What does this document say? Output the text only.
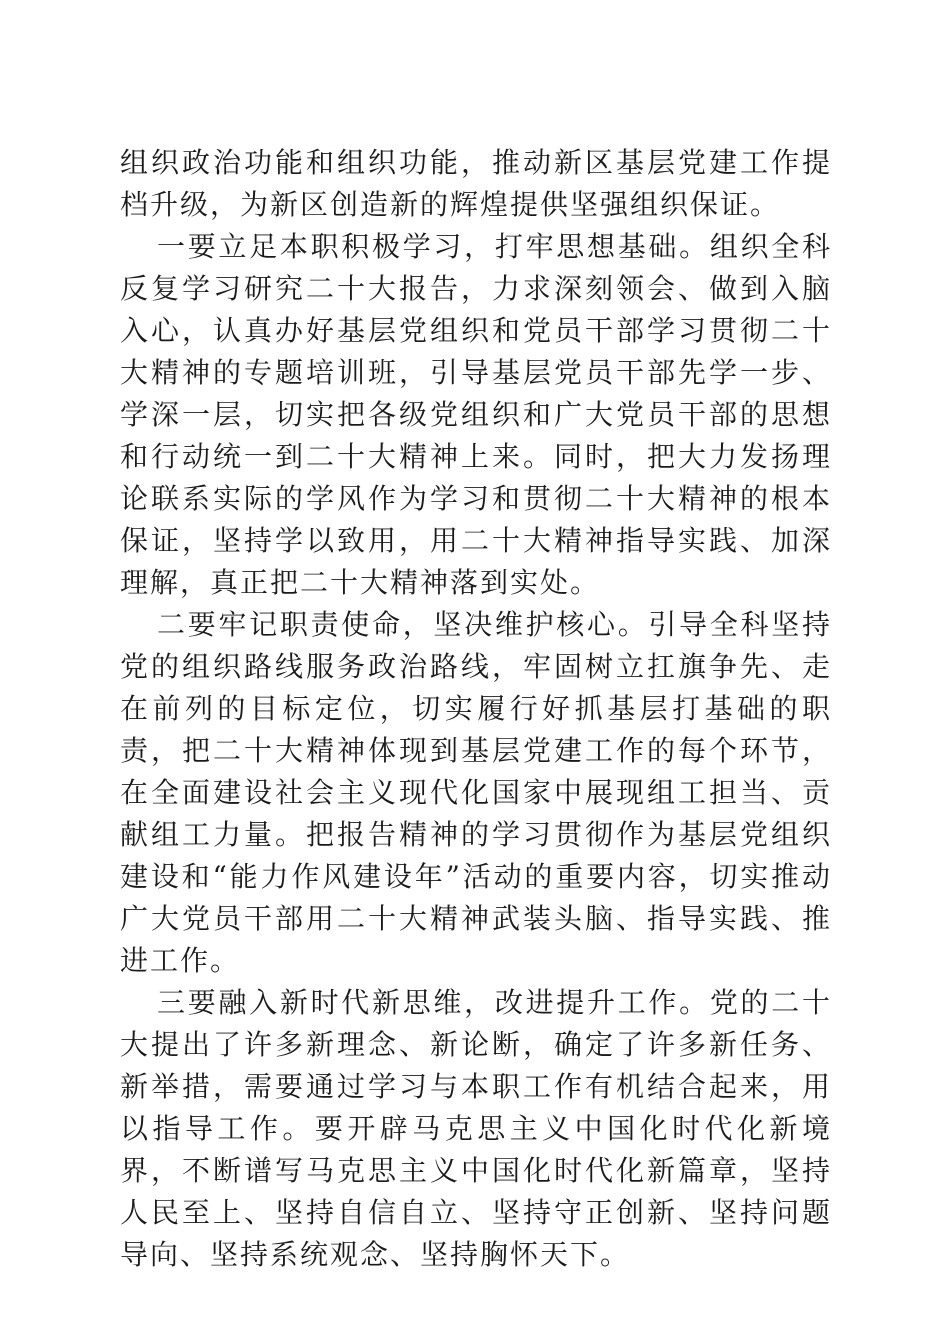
组织政治功能和组织功能，推动新区基层党建工作提档升级，为新区创造新的辉煌提供坚强组织保证。

一要立足本职积极学习，打牢思想基础。组织全科反复学习研究二十大报告，力求深刻领会、做到入脑入心，认真办好基层党组织和党员干部学习贯彻二十大精神的专题培训班，引导基层党员干部先学一步、学深一层，切实把各级党组织和广大党员干部的思想和行动统一到二十大精神上来。同时，把大力发扬理论联系实际的学风作为学习和贯彻二十大精神的根本保证，坚持学以致用，用二十大精神指导实践、加深理解，真正把二十大精神落到实处。

二要牢记职责使命，坚决维护核心。引导全科坚持党的组织路线服务政治路线，牢固树立扛旗争先、走在前列的目标定位，切实履行好抓基层打基础的职责，把二十大精神体现到基层党建工作的每个环节，在全面建设社会主义现代化国家中展现组工担当、贡献组工力量。把报告精神的学习贯彻作为基层党组织建设和“能力作风建设年”活动的重要内容，切实推动广大党员干部用二十大精神武装头脑、指导实践、推进工作。

三要融入新时代新思维，改进提升工作。党的二十大提出了许多新理念、新论断，确定了许多新任务、新举措，需要通过学习与本职工作有机结合起来，用以指导工作。要开辟马克思主义中国化时代化新境界，不断谱写马克思主义中国化时代化新篇章，坚持人民至上、坚持自信自立、坚持守正创新、坚持问题导向、坚持系统观念、坚持胸怀天下。
